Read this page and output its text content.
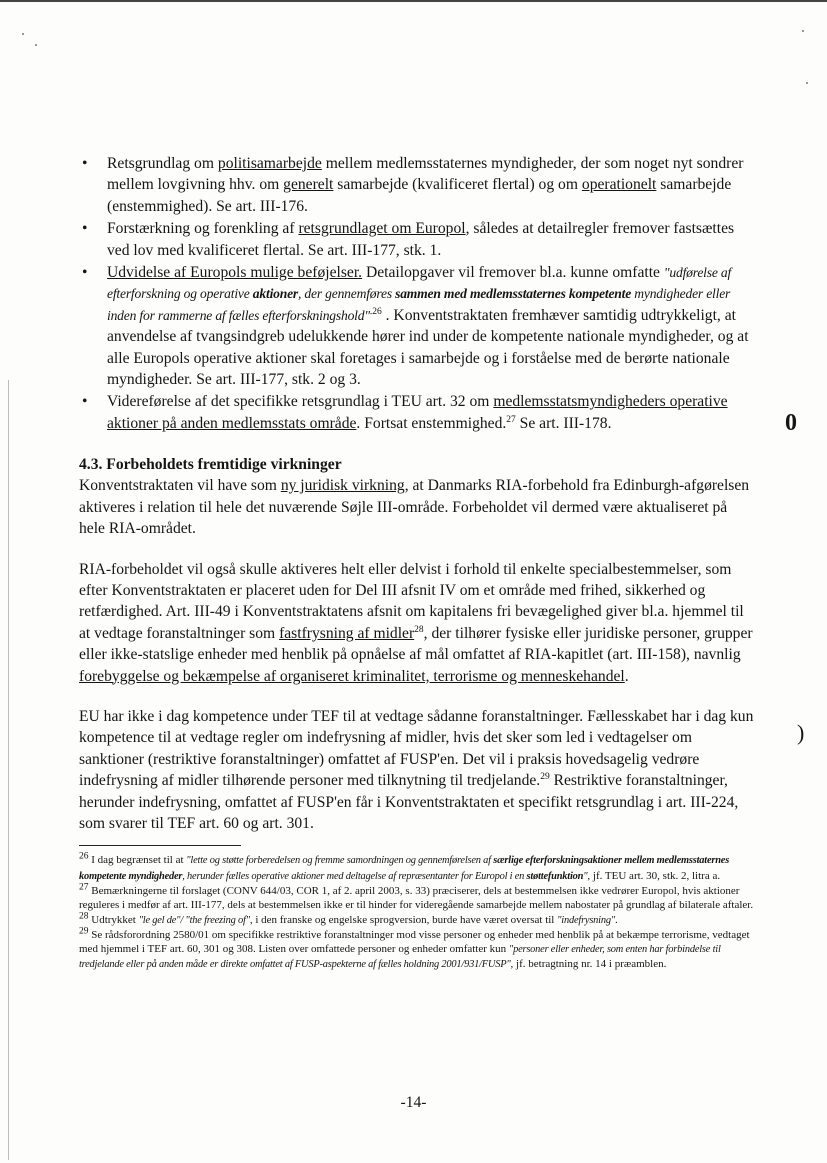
• Retsgrundlag om politisamarbejde mellem medlemsstaternes myndigheder, der som noget nyt sondrer mellem lovgivning hhv. om generelt samarbejde (kvalificeret flertal) og om operationelt samarbejde (enstemmighed). Se art. III-176.
• Forstærkning og forenkling af retsgrundlaget om Europol, således at detailregler fremover fastsættes ved lov med kvalificeret flertal. Se art. III-177, stk. 1.
• Udvidelse af Europols mulige beføjelser. Detailopgaver vil fremover bl.a. kunne omfatte "udførelse af efterforskning og operative aktioner, der gennemføres sammen med medlemsstaternes kompetente myndigheder eller inden for rammerne af fælles efterforskningshold"$^{.26}$ . Konventstraktaten fremhæver samtidig udtrykkeligt, at anvendelse af tvangsindgreb udelukkende hører ind under de kompetente nationale myndigheder, og at alle Europols operative aktioner skal foretages i samarbejde og i forståelse med de berørte nationale myndigheder. Se art. III-177, stk. 2 og 3.
• Videreførelse af det specifikke retsgrundlag i TEU art. 32 om medlemsstatsmyndigheders operative aktioner på anden medlemsstats område. Fortsat enstemmighed.$^{27}$ Se art. III-178.
4.3. Forbeholdets fremtidige virkninger

Konventstraktaten vil have som ny juridisk virkning, at Danmarks RIA-forbehold fra Edinburgh-afgørelsen aktiveres i relation til hele det nuværende Søjle III-område. Forbeholdet vil dermed være aktualiseret på hele RIA-området.

RIA-forbeholdet vil også skulle aktiveres helt eller delvist i forhold til enkelte specialbestemmelser, som efter Konventstraktaten er placeret uden for Del III afsnit IV om et område med frihed, sikkerhed og retfærdighed. Art. III-49 i Konventstraktatens afsnit om kapitalens fri bevægelighed giver bl.a. hjemmel til at vedtage foranstaltninger som fastfrysning af midler$^{28}$, der tilhører fysiske eller juridiske personer, grupper eller ikke-statslige enheder med henblik på opnåelse af mål omfattet af RIA-kapitlet (art. III-158), navnlig forebyggelse og bekæmpelse af organiseret kriminalitet, terrorisme og menneskehandel.

EU har ikke i dag kompetence under TEF til at vedtage sådanne foranstaltninger. Fællesskabet har i dag kun kompetence til at vedtage regler om indefrysning af midler, hvis det sker som led i vedtagelser om sanktioner (restriktive foranstaltninger) omfattet af FUSP'en. Det vil i praksis hovedsagelig vedrøre indefrysning af midler tilhørende personer med tilknytning til tredjelande.$^{29}$ Restriktive foranstaltninger, herunder indefrysning, omfattet af FUSP'en får i Konventstraktaten et specifikt retsgrundlag i art. III-224, som svarer til TEF art. 60 og art. 301.

$^{26}$ I dag begrænset til at "lette og støtte forberedelsen og fremme samordningen og gennemførelsen af særlige efterforskningsaktioner mellem medlemsstaternes kompetente myndigheder, herunder fælles operative aktioner med deltagelse af repræsentanter for Europol i en støttefunktion", jf. TEU art. 30, stk. 2, litra a.
$^{27}$ Bemærkningerne til forslaget (CONV 644/03, COR 1, af 2. april 2003, s. 33) præciserer, dels at bestemmelsen ikke vedrører Europol, hvis aktioner reguleres i medfør af art. III-177, dels at bestemmelsen ikke er til hinder for videregående samarbejde mellem nabostater på grundlag af bilaterale aftaler.
$^{28}$ Udtrykket "le gel de"/ "the freezing of", i den franske og engelske sprogversion, burde have været oversat til "indefrysning".
$^{29}$ Se rådsforordning 2580/01 om specifikke restriktive foranstaltninger mod visse personer og enheder med henblik på at bekæmpe terrorisme, vedtaget med hjemmel i TEF art. 60, 301 og 308. Listen over omfattede personer og enheder omfatter kun "personer eller enheder, som enten har forbindelse til tredjelande eller på anden måde er direkte omfattet af FUSP-aspekterne af fælles holdning 2001/931/FUSP", jf. betragtning nr. 14 i præamblen.
0
)
-14-
